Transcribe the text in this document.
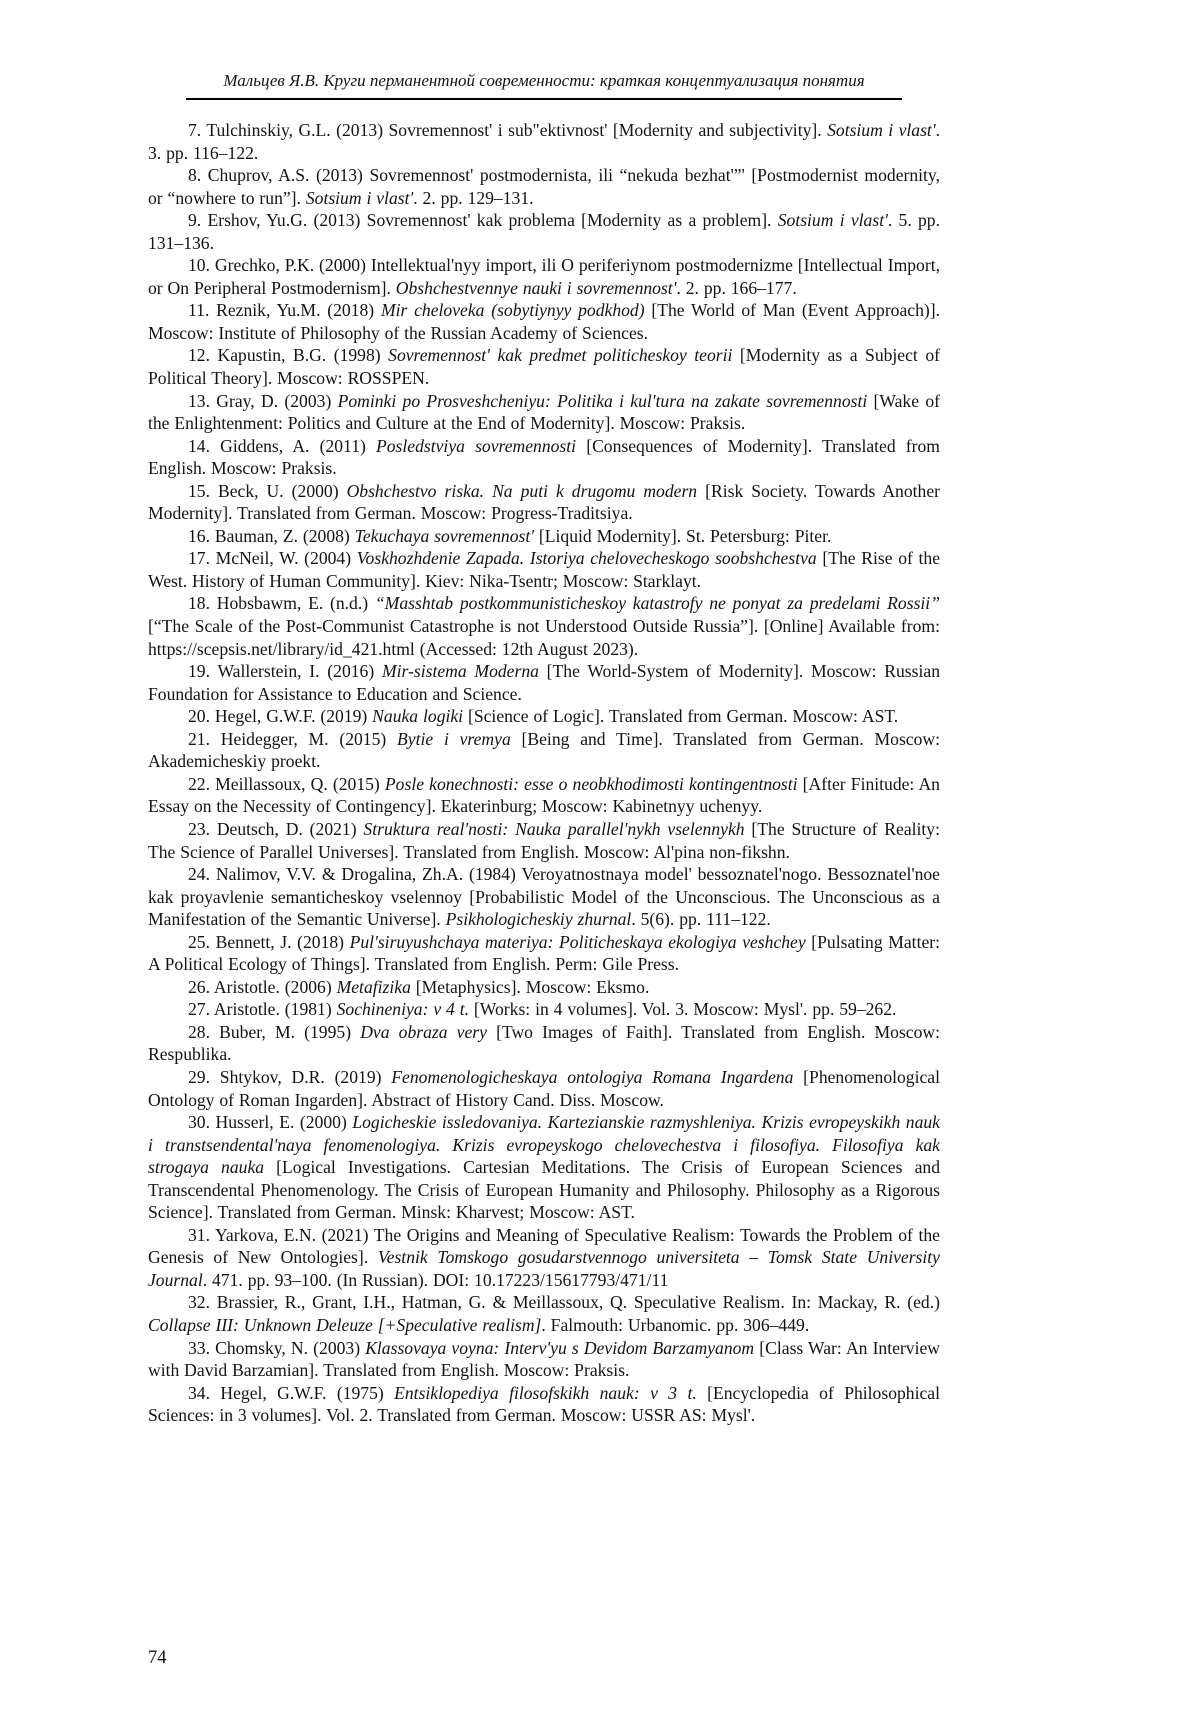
Мальцев Я.В. Круги перманентной современности: краткая концептуализация понятия

7. Tulchinskiy, G.L. (2013) Sovremennost' i sub"ektivnost' [Modernity and subjectivity]. Sotsium i vlast'. 3. pp. 116–122.

8. Chuprov, A.S. (2013) Sovremennost' postmodernista, ili “nekuda bezhat'”' [Postmodernist modernity, or “nowhere to run”]. Sotsium i vlast'. 2. pp. 129–131.

9. Ershov, Yu.G. (2013) Sovremennost' kak problema [Modernity as a problem]. Sotsium i vlast'. 5. pp. 131–136.

10. Grechko, P.K. (2000) Intellektual'nyy import, ili O periferiynom postmodernizme [Intellectual Import, or On Peripheral Postmodernism]. Obshchestvennye nauki i sovremennost'. 2. pp. 166–177.

11. Reznik, Yu.M. (2018) Mir cheloveka (sobytiynyy podkhod) [The World of Man (Event Approach)]. Moscow: Institute of Philosophy of the Russian Academy of Sciences.

12. Kapustin, B.G. (1998) Sovremennost' kak predmet politicheskoy teorii [Modernity as a Subject of Political Theory]. Moscow: ROSSPEN.

13. Gray, D. (2003) Pominki po Prosveshcheniyu: Politika i kul'tura na zakate sovremennosti [Wake of the Enlightenment: Politics and Culture at the End of Modernity]. Moscow: Praksis.

14. Giddens, A. (2011) Posledstviya sovremennosti [Consequences of Modernity]. Translated from English. Moscow: Praksis.

15. Beck, U. (2000) Obshchestvo riska. Na puti k drugomu modern [Risk Society. Towards Another Modernity]. Translated from German. Moscow: Progress-Traditsiya.

16. Bauman, Z. (2008) Tekuchaya sovremennost' [Liquid Modernity]. St. Petersburg: Piter.

17. McNeil, W. (2004) Voskhozhdenie Zapada. Istoriya chelovecheskogo soobshchestva [The Rise of the West. History of Human Community]. Kiev: Nika-Tsentr; Moscow: Starklayt.

18. Hobsbawm, E. (n.d.) “Masshtab postkommunisticheskoy katastrofy ne ponyat za predelami Rossii” [“The Scale of the Post-Communist Catastrophe is not Understood Outside Russia”]. [Online] Available from: https://scepsis.net/library/id_421.html (Accessed: 12th August 2023).

19. Wallerstein, I. (2016) Mir-sistema Moderna [The World-System of Modernity]. Moscow: Russian Foundation for Assistance to Education and Science.

20. Hegel, G.W.F. (2019) Nauka logiki [Science of Logic]. Translated from German. Moscow: AST.

21. Heidegger, M. (2015) Bytie i vremya [Being and Time]. Translated from German. Moscow: Akademicheskiy proekt.

22. Meillassoux, Q. (2015) Posle konechnosti: esse o neobkhodimosti kontingentnosti [After Finitude: An Essay on the Necessity of Contingency]. Ekaterinburg; Moscow: Kabinetnyy uchenyy.

23. Deutsch, D. (2021) Struktura real'nosti: Nauka parallel'nykh vselennykh [The Structure of Reality: The Science of Parallel Universes]. Translated from English. Moscow: Al'pina non-fikshn.

24. Nalimov, V.V. & Drogalina, Zh.A. (1984) Veroyatnostnaya model' bessoznatel'nogo. Bessoznatel'noe kak proyavlenie semanticheskoy vselennoy [Probabilistic Model of the Unconscious. The Unconscious as a Manifestation of the Semantic Universe]. Psikhologicheskiy zhurnal. 5(6). pp. 111–122.

25. Bennett, J. (2018) Pul'siruyushchaya materiya: Politicheskaya ekologiya veshchey [Pulsating Matter: A Political Ecology of Things]. Translated from English. Perm: Gile Press.

26. Aristotle. (2006) Metafizika [Metaphysics]. Moscow: Eksmo.

27. Aristotle. (1981) Sochineniya: v 4 t. [Works: in 4 volumes]. Vol. 3. Moscow: Mysl'. pp. 59–262.

28. Buber, M. (1995) Dva obraza very [Two Images of Faith]. Translated from English. Moscow: Respublika.

29. Shtykov, D.R. (2019) Fenomenologicheskaya ontologiya Romana Ingardena [Phenomenological Ontology of Roman Ingarden]. Abstract of History Cand. Diss. Moscow.

30. Husserl, E. (2000) Logicheskie issledovaniya. Kartezianskie razmyshleniya. Krizis evropeyskikh nauk i transtsendental'naya fenomenologiya. Krizis evropeyskogo chelovechestva i filosofiya. Filosofiya kak strogaya nauka [Logical Investigations. Cartesian Meditations. The Crisis of European Sciences and Transcendental Phenomenology. The Crisis of European Humanity and Philosophy. Philosophy as a Rigorous Science]. Translated from German. Minsk: Kharvest; Moscow: AST.

31. Yarkova, E.N. (2021) The Origins and Meaning of Speculative Realism: Towards the Problem of the Genesis of New Ontologies]. Vestnik Tomskogo gosudarstvennogo universiteta – Tomsk State University Journal. 471. pp. 93–100. (In Russian). DOI: 10.17223/15617793/471/11

32. Brassier, R., Grant, I.H., Hatman, G. & Meillassoux, Q. Speculative Realism. In: Mackay, R. (ed.) Collapse III: Unknown Deleuze [+Speculative realism]. Falmouth: Urbanomic. pp. 306–449.

33. Chomsky, N. (2003) Klassovaya voyna: Interv'yu s Devidom Barzamyanom [Class War: An Interview with David Barzamian]. Translated from English. Moscow: Praksis.

34. Hegel, G.W.F. (1975) Entsiklopediya filosofskikh nauk: v 3 t. [Encyclopedia of Philosophical Sciences: in 3 volumes]. Vol. 2. Translated from German. Moscow: USSR AS: Mysl'.

74
